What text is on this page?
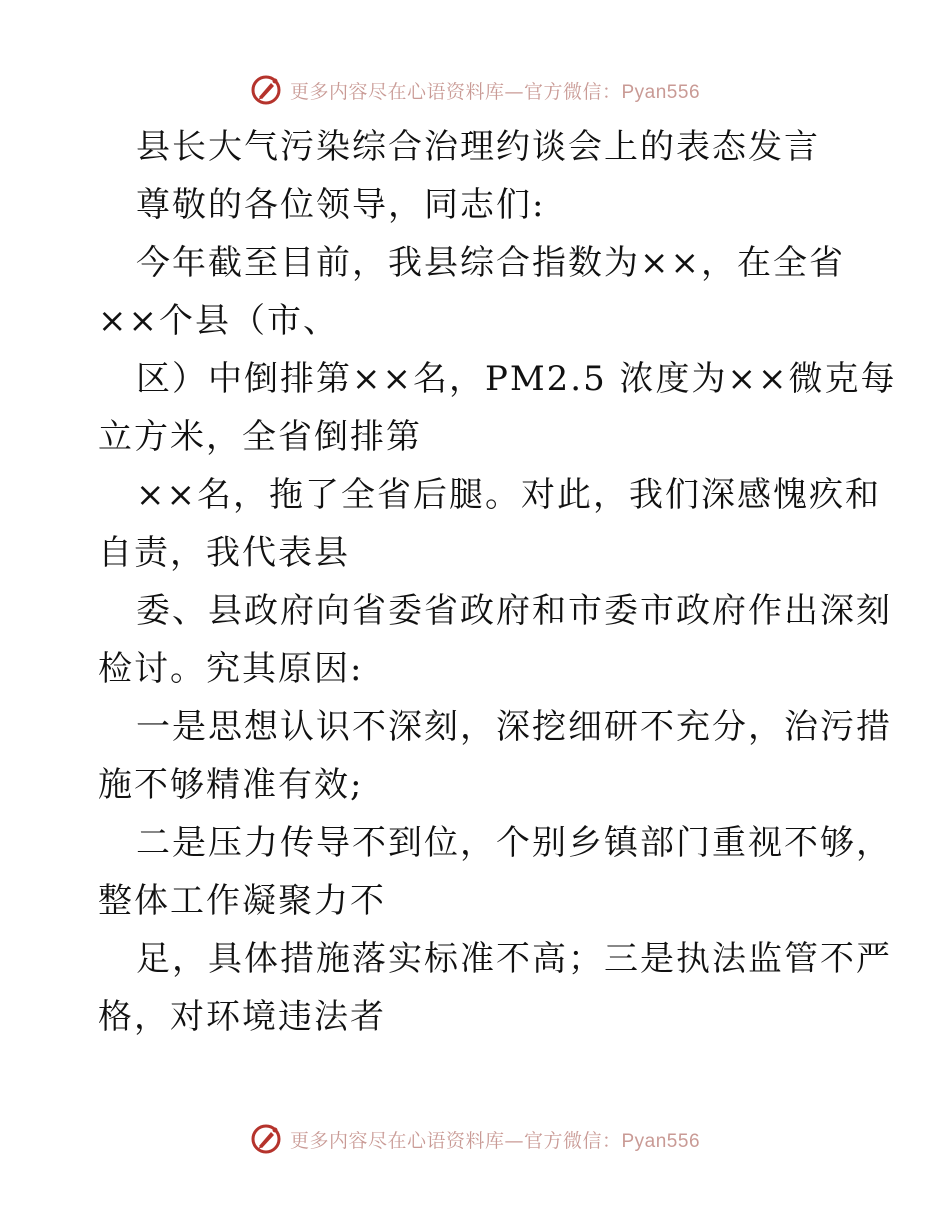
更多内容尽在心语资料库—官方微信：Pyan556
县长大气污染综合治理约谈会上的表态发言
尊敬的各位领导，同志们:
今年截至目前，我县综合指数为××，在全省
××个县（市、
区）中倒排第××名，PM2.5 浓度为××微克每
立方米，全省倒排第
××名，拖了全省后腿。对此，我们深感愧疚和
自责，我代表县
委、县政府向省委省政府和市委市政府作出深刻
检讨。究其原因:
一是思想认识不深刻，深挖细研不充分，治污措
施不够精准有效;
二是压力传导不到位，个别乡镇部门重视不够，
整体工作凝聚力不
足，具体措施落实标准不高；三是执法监管不严
格，对环境违法者
更多内容尽在心语资料库—官方微信：Pyan556
